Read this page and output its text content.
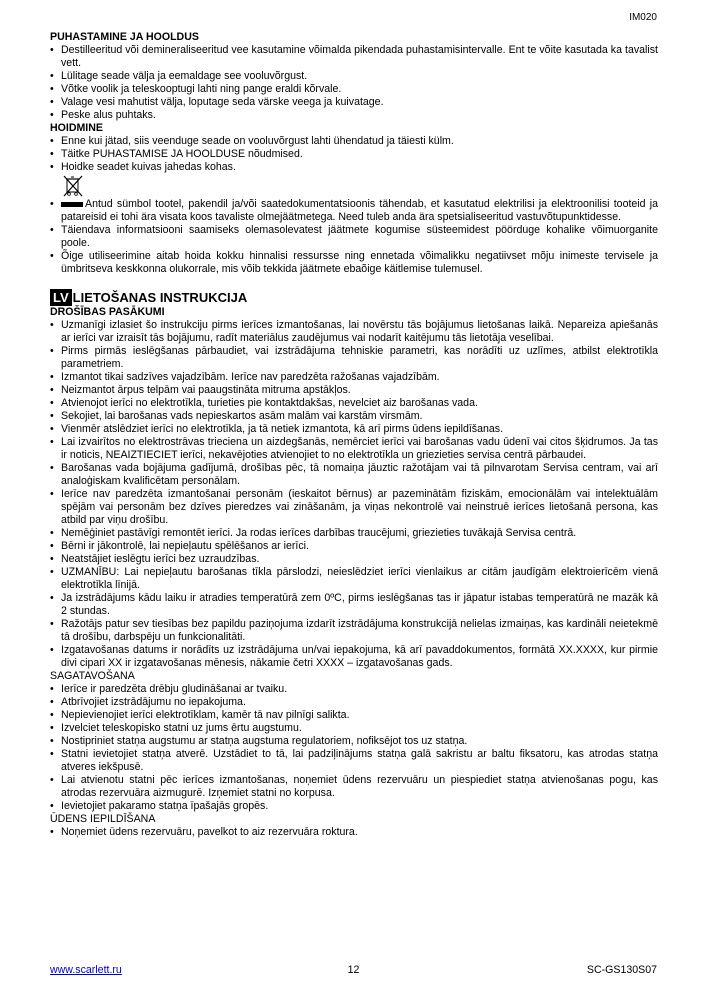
IM020
PUHASTAMINE JA HOOLDUS
• Destilleeritud või demineraliseeritud vee kasutamine võimalda pikendada puhastamisintervalle. Ent te võite kasutada ka tavalist vett.
• Lülitage seade välja ja eemaldage see vooluvõrgust.
• Võtke voolik ja teleskooptugi lahti ning pange eraldi kõrvale.
• Valage vesi mahutist välja, loputage seda värske veega ja kuivatage.
• Peske alus puhtaks.
HOIDMINE
• Enne kui jätad, siis veenduge seade on vooluvõrgust lahti ühendatud ja täiesti külm.
• Täitke PUHASTAMISE JA HOOLDUSE nõudmised.
• Hoidke seadet kuivas jahedas kohas.
• Antud sümbol tootel, pakendil ja/või saatedokumentatsioonis tähendab, et kasutatud elektrilisi ja elektroonilisi tooteid ja patareisid ei tohi ära visata koos tavaliste olmejäätmetega. Need tuleb anda ära spetsialiseeritud vastuvõtupunktidesse.
• Täiendava informatsiooni saamiseks olemasolevatest jäätmete kogumise süsteemidest pöörduge kohalike võimuorganite poole.
• Õige utiliseerimine aitab hoida kokku hinnalisi ressursse ning ennetada võimalikku negatiivset mõju inimeste tervisele ja ümbritseva keskkonna olukorrale, mis võib tekkida jäätmete ebaõige käitlemise tulemusel.
LV LIETOŠANAS INSTRUKCIJA
DROŠĪBAS PASĀKUMI
• Uzmanīgi izlasiet šo instrukciju pirms ierīces izmantošanas, lai novērstu tās bojājumus lietošanas laikā. Nepareiza apiešanās ar ierīci var izraisīt tās bojājumu, radīt materiālus zaudējumus vai nodarīt kaitējumu tās lietotāja veselībai.
• Pirms pirmās ieslēgšanas pārbaudiet, vai izstrādājuma tehniskie parametri, kas norādīti uz uzlīmes, atbilst elektrotīkla parametriem.
• Izmantot tikai sadzīves vajadzībām. Ierīce nav paredzēta ražošanas vajadzībām.
• Neizmantot ārpus telpām vai paaugstināta mitruma apstākļos.
• Atvienojot ierīci no elektrotīkla, turieties pie kontaktdakšas, nevelciet aiz barošanas vada.
• Sekojiet, lai barošanas vads nepieskartos asām malām vai karstām virsmām.
• Vienmēr atslēdziet ierīci no elektrotīkla, ja tā netiek izmantota, kā arī pirms ūdens iepildīšanas.
• Lai izvairītos no elektrostrāvas trieciena un aizdegšanās, nemērciet ierīci vai barošanas vadu ūdenī vai citos šķidrumos. Ja tas ir noticis, NEAIZTIECIET ierīci, nekavējoties atvienojiet to no elektrotīkla un griezieties servisa centrā pārbaudei.
• Barošanas vada bojājuma gadījumā, drošības pēc, tā nomaiņa jāuztic ražotājam vai tā pilnvarotam Servisa centram, vai arī analoģiskam kvalificētam personālam.
• Ierīce nav paredzēta izmantošanai personām (ieskaitot bērnus) ar pazeminātām fiziskām, emocionālām vai intelektuālām spējām vai personām bez dzīves pieredzes vai zināšanām, ja viņas nekontrolē vai neinstruē ierīces lietošanā persona, kas atbild par viņu drošību.
• Nemēģiniet pastāvīgi remontēt ierīci. Ja rodas ierīces darbības traucējumi, griezieties tuvākajā Servisa centrā.
• Bērni ir jākontrolē, lai nepieļautu spēlēšanos ar ierīci.
• Neatstājiet ieslēgtu ierīci bez uzraudzības.
• UZMANĪBU: Lai nepieļautu barošanas tīkla pārslodzi, neieslēdziet ierīci vienlaikus ar citām jaudīgām elektroierīcēm vienā elektrotīkla līnijā.
• Ja izstrādājums kādu laiku ir atradies temperatūrā zem 0ºC, pirms ieslēgšanas tas ir jāpatur istabas temperatūrā ne mazāk kā 2 stundas.
• Ražotājs patur sev tiesības bez papildu paziņojuma izdarīt izstrādājuma konstrukcijā nelielas izmaiņas, kas kardināli neietekmē tā drošību, darbspēju un funkcionalitāti.
• Izgatavošanas datums ir norādīts uz izstrādājuma un/vai iepakojuma, kā arī pavaddokumentos, formātā XX.XXXX, kur pirmie divi cipari XX ir izgatavošanas mēnesis, nākamie četri XXXX – izgatavošanas gads.
SAGATAVOŠANA
• Ierīce ir paredzēta drēbju gludināšanai ar tvaiku.
• Atbrīvojiet izstrādājumu no iepakojuma.
• Nepievienojiet ierīci elektrotīklam, kamēr tā nav pilnīgi salikta.
• Izvelciet teleskopisko statni uz jums ērtu augstumu.
• Nostipriniet statņa augstumu ar statņa augstuma regulatoriem, nofiksējot tos uz statņa.
• Statni ievietojiet statņa atverē. Uzstādiet to tā, lai padziļinājums statņa galā sakristu ar baltu fiksatoru, kas atrodas statņa atveres iekšpusē.
• Lai atvienotu statni pēc ierīces izmantošanas, noņemiet ūdens rezervuāru un piespiediet statņa atvienošanas pogu, kas atrodas rezervuāra aizmugurē. Izņemiet statni no korpusa.
• Ievietojiet pakaramo statņa īpašajās gropēs.
ŪDENS IEPILDĪŠANA
• Noņemiet ūdens rezervuāru, pavelkot to aiz rezervuāra roktura.
www.scarlett.ru	12	SC-GS130S07
